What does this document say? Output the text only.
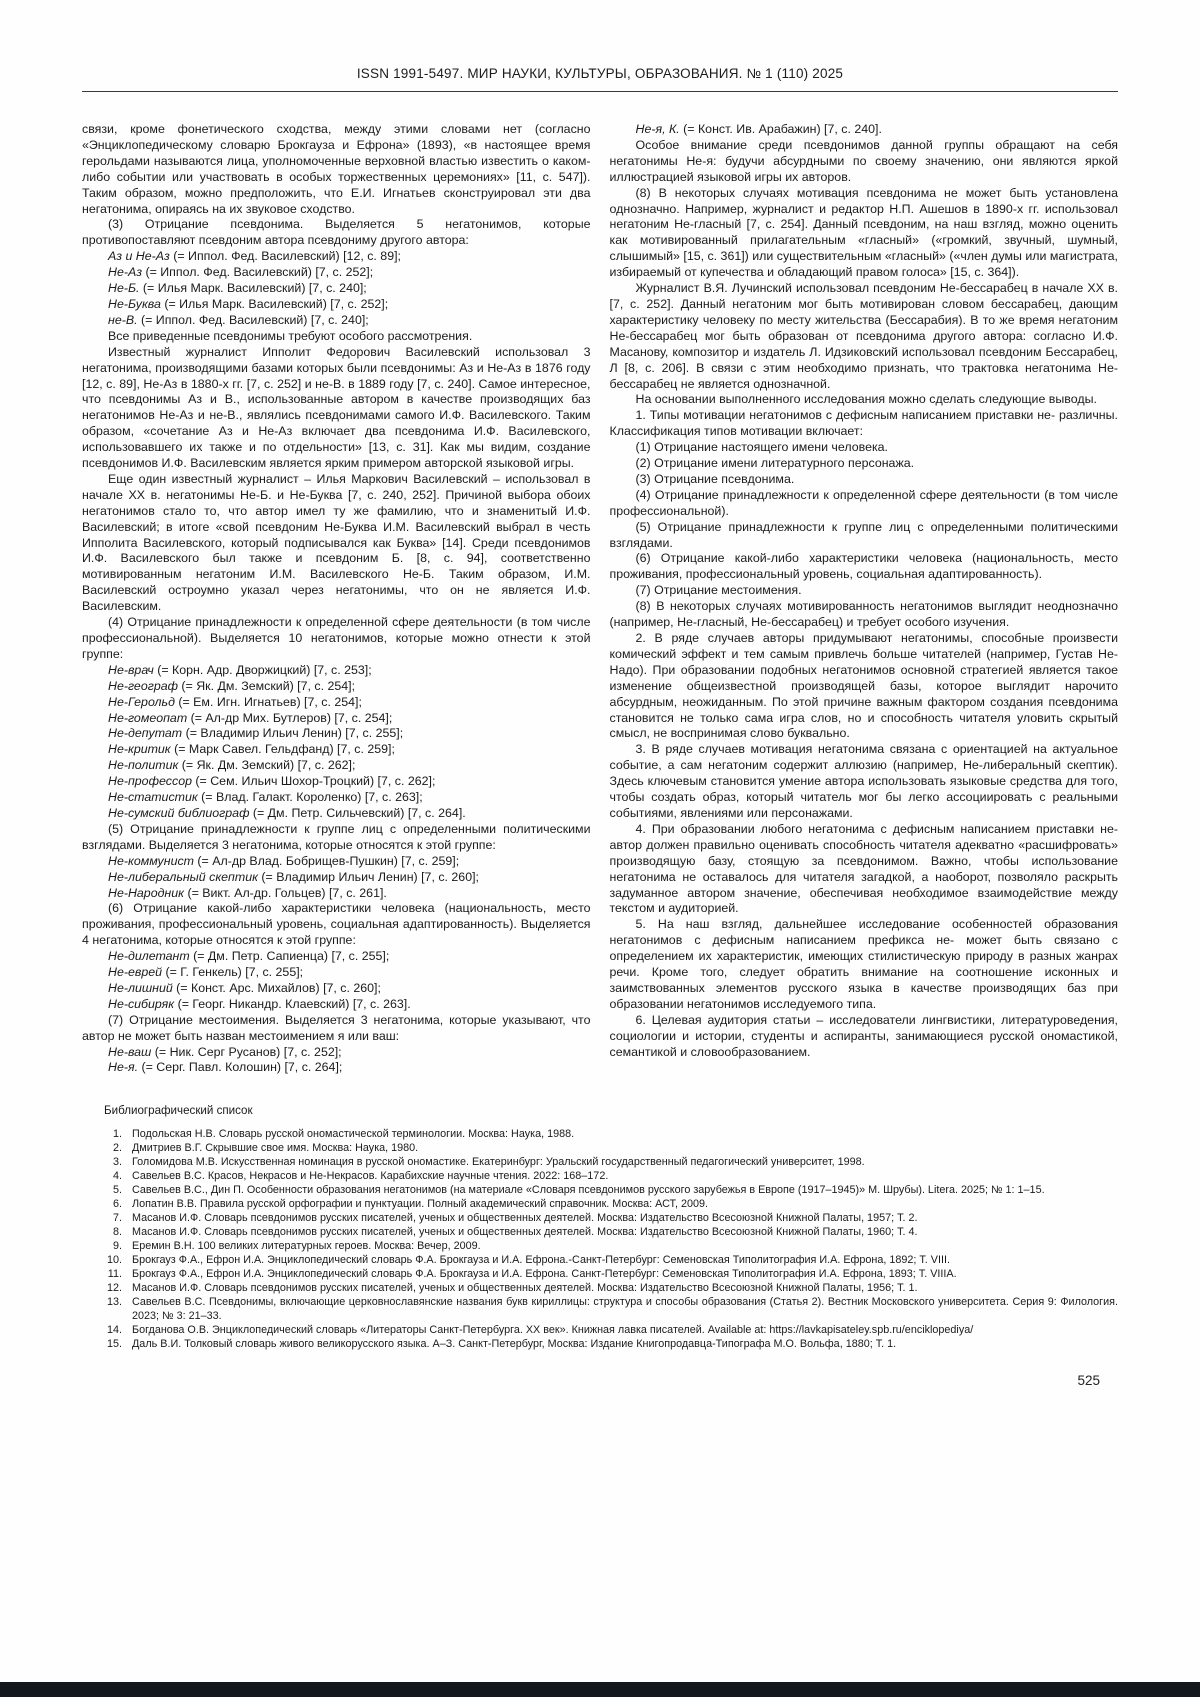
ISSN 1991-5497. МИР НАУКИ, КУЛЬТУРЫ, ОБРАЗОВАНИЯ. № 1 (110) 2025
связи, кроме фонетического сходства, между этими словами нет (согласно «Энциклопедическому словарю Брокгауза и Ефрона» (1893), «в настоящее время герольдами называются лица, уполномоченные верховной властью известить о каком-либо событии или участвовать в особых торжественных церемониях» [11, с. 547]). Таким образом, можно предположить, что Е.И. Игнатьев сконструировал эти два негатонима, опираясь на их звуковое сходство.
(3) Отрицание псевдонима. Выделяется 5 негатонимов, которые противопоставляют псевдоним автора псевдониму другого автора:
Аз и Не-Аз (= Иппол. Фед. Василевский) [12, с. 89];
Не-Аз (= Иппол. Фед. Василевский) [7, с. 252];
Не-Б. (= Илья Марк. Василевский) [7, с. 240];
Не-Буква (= Илья Марк. Василевский) [7, с. 252];
не-В. (= Иппол. Фед. Василевский) [7, с. 240];
Все приведенные псевдонимы требуют особого рассмотрения.
Известный журналист Ипполит Федорович Василевский использовал 3 негатонима, производящими базами которых были псевдонимы: Аз и Не-Аз в 1876 году [12, с. 89], Не-Аз в 1880-х гг. [7, с. 252] и не-В. в 1889 году [7, с. 240]. Самое интересное, что псевдонимы Аз и В., использованные автором в качестве производящих баз негатонимов Не-Аз и не-В., являлись псевдонимами самого И.Ф. Василевского. Таким образом, «сочетание Аз и Не-Аз включает два псевдонима И.Ф. Василевского, использовавшего их также и по отдельности» [13, с. 31]. Как мы видим, создание псевдонимов И.Ф. Василевским является ярким примером авторской языковой игры.
Еще один известный журналист – Илья Маркович Василевский – использовал в начале XX в. негатонимы Не-Б. и Не-Буква [7, с. 240, 252]. Причиной выбора обоих негатонимов стало то, что автор имел ту же фамилию, что и знаменитый И.Ф. Василевский; в итоге «свой псевдоним Не-Буква И.М. Василевский выбрал в честь Ипполита Василевского, который подписывался как Буква» [14]. Среди псевдонимов И.Ф. Василевского был также и псевдоним Б. [8, с. 94], соответственно мотивированным негатоним И.М. Василевского Не-Б. Таким образом, И.М. Василевский остроумно указал через негатонимы, что он не является И.Ф. Василевским.
(4) Отрицание принадлежности к определенной сфере деятельности (в том числе профессиональной). Выделяется 10 негатонимов, которые можно отнести к этой группе:
Не-врач (= Корн. Адр. Дворжицкий) [7, с. 253];
Не-географ (= Як. Дм. Земский) [7, с. 254];
Не-Герольд (= Ем. Игн. Игнатьев) [7, с. 254];
Не-гомеопат (= Ал-др Мих. Бутлеров) [7, с. 254];
Не-депутат (= Владимир Ильич Ленин) [7, с. 255];
Не-критик (= Марк Савел. Гельдфанд) [7, с. 259];
Не-политик (= Як. Дм. Земский) [7, с. 262];
Не-профессор (= Сем. Ильич Шохор-Троцкий) [7, с. 262];
Не-статистик (= Влад. Галакт. Короленко) [7, с. 263];
Не-сумский библиограф (= Дм. Петр. Сильчевский) [7, с. 264].
(5) Отрицание принадлежности к группе лиц с определенными политическими взглядами. Выделяется 3 негатонима, которые относятся к этой группе:
Не-коммунист (= Ал-др Влад. Бобрищев-Пушкин) [7, с. 259];
Не-либеральный скептик (= Владимир Ильич Ленин) [7, с. 260];
Не-Народник (= Викт. Ал-др. Гольцев) [7, с. 261].
(6) Отрицание какой-либо характеристики человека (национальность, место проживания, профессиональный уровень, социальная адаптированность). Выделяется 4 негатонима, которые относятся к этой группе:
Не-дилетант (= Дм. Петр. Сапиенца) [7, с. 255];
Не-еврей (= Г. Генкель) [7, с. 255];
Не-лишний (= Конст. Арс. Михайлов) [7, с. 260];
Не-сибиряк (= Георг. Никандр. Клаевский) [7, с. 263].
(7) Отрицание местоимения. Выделяется 3 негатонима, которые указывают, что автор не может быть назван местоимением я или ваш:
Не-ваш (= Ник. Серг Русанов) [7, с. 252];
Не-я. (= Серг. Павл. Колошин) [7, с. 264];
Не-я, К. (= Конст. Ив. Арабажин) [7, с. 240].
Особое внимание среди псевдонимов данной группы обращают на себя негатонимы Не-я: будучи абсурдными по своему значению, они являются яркой иллюстрацией языковой игры их авторов.
(8) В некоторых случаях мотивация псевдонима не может быть установлена однозначно. Например, журналист и редактор Н.П. Ашешов в 1890-х гг. использовал негатоним Не-гласный [7, с. 254]. Данный псевдоним, на наш взгляд, можно оценить как мотивированный прилагательным «гласный» («громкий, звучный, шумный, слышимый» [15, с. 361]) или существительным «гласный» («член думы или магистрата, избираемый от купечества и обладающий правом голоса» [15, с. 364]).
Журналист В.Я. Лучинский использовал псевдоним Не-бессарабец в начале XX в. [7, с. 252]. Данный негатоним мог быть мотивирован словом бессарабец, дающим характеристику человеку по месту жительства (Бессарабия). В то же время негатоним Не-бессарабец мог быть образован от псевдонима другого автора: согласно И.Ф. Масанову, композитор и издатель Л. Идзиковский использовал псевдоним Бессарабец, Л [8, с. 206]. В связи с этим необходимо признать, что трактовка негатонима Не-бессарабец не является однозначной.
На основании выполненного исследования можно сделать следующие выводы.
1. Типы мотивации негатонимов с дефисным написанием приставки не- различны. Классификация типов мотивации включает:
(1) Отрицание настоящего имени человека.
(2) Отрицание имени литературного персонажа.
(3) Отрицание псевдонима.
(4) Отрицание принадлежности к определенной сфере деятельности (в том числе профессиональной).
(5) Отрицание принадлежности к группе лиц с определенными политическими взглядами.
(6) Отрицание какой-либо характеристики человека (национальность, место проживания, профессиональный уровень, социальная адаптированность).
(7) Отрицание местоимения.
(8) В некоторых случаях мотивированность негатонимов выглядит неоднозначно (например, Не-гласный, Не-бессарабец) и требует особого изучения.
2. В ряде случаев авторы придумывают негатонимы, способные произвести комический эффект и тем самым привлечь больше читателей (например, Густав Не-Надо). При образовании подобных негатонимов основной стратегией является такое изменение общеизвестной производящей базы, которое выглядит нарочито абсурдным, неожиданным. По этой причине важным фактором создания псевдонима становится не только сама игра слов, но и способность читателя уловить скрытый смысл, не воспринимая слово буквально.
3. В ряде случаев мотивация негатонима связана с ориентацией на актуальное событие, а сам негатоним содержит аллюзию (например, Не-либеральный скептик). Здесь ключевым становится умение автора использовать языковые средства для того, чтобы создать образ, который читатель мог бы легко ассоциировать с реальными событиями, явлениями или персонажами.
4. При образовании любого негатонима с дефисным написанием приставки не- автор должен правильно оценивать способность читателя адекватно «расшифровать» производящую базу, стоящую за псевдонимом. Важно, чтобы использование негатонима не оставалось для читателя загадкой, а наоборот, позволяло раскрыть задуманное автором значение, обеспечивая необходимое взаимодействие между текстом и аудиторией.
5. На наш взгляд, дальнейшее исследование особенностей образования негатонимов с дефисным написанием префикса не- может быть связано с определением их характеристик, имеющих стилистическую природу в разных жанрах речи. Кроме того, следует обратить внимание на соотношение исконных и заимствованных элементов русского языка в качестве производящих баз при образовании негатонимов исследуемого типа.
6. Целевая аудитория статьи – исследователи лингвистики, литературоведения, социологии и истории, студенты и аспиранты, занимающиеся русской ономастикой, семантикой и словообразованием.
Библиографический список
Подольская Н.В. Словарь русской ономастической терминологии. Москва: Наука, 1988.
Дмитриев В.Г. Скрывшие свое имя. Москва: Наука, 1980.
Голомидова М.В. Искусственная номинация в русской ономастике. Екатеринбург: Уральский государственный педагогический университет, 1998.
Савельев В.С. Красов, Некрасов и Не-Некрасов. Карабихские научные чтения. 2022: 168–172.
Савельев В.С., Дин П. Особенности образования негатонимов (на материале «Словаря псевдонимов русского зарубежья в Европе (1917–1945)» М. Шрубы). Litera. 2025; № 1: 1–15.
Лопатин В.В. Правила русской орфографии и пунктуации. Полный академический справочник. Москва: АСТ, 2009.
Масанов И.Ф. Словарь псевдонимов русских писателей, ученых и общественных деятелей. Москва: Издательство Всесоюзной Книжной Палаты, 1957; Т. 2.
Масанов И.Ф. Словарь псевдонимов русских писателей, ученых и общественных деятелей. Москва: Издательство Всесоюзной Книжной Палаты, 1960; Т. 4.
Еремин В.Н. 100 великих литературных героев. Москва: Вечер, 2009.
Брокгауз Ф.А., Ефрон И.А. Энциклопедический словарь Ф.А. Брокгауза и И.А. Ефрона.-Санкт-Петербург: Семеновская Типолитография И.А. Ефрона, 1892; Т. VIII.
Брокгауз Ф.А., Ефрон И.А. Энциклопедический словарь Ф.А. Брокгауза и И.А. Ефрона. Санкт-Петербург: Семеновская Типолитография И.А. Ефрона, 1893; Т. VIIIA.
Масанов И.Ф. Словарь псевдонимов русских писателей, ученых и общественных деятелей. Москва: Издательство Всесоюзной Книжной Палаты, 1956; Т. 1.
Савельев В.С. Псевдонимы, включающие церковнославянские названия букв кириллицы: структура и способы образования (Статья 2). Вестник Московского университета. Серия 9: Филология. 2023; № 3: 21–33.
Богданова О.В. Энциклопедический словарь «Литераторы Санкт-Петербурга. XX век». Книжная лавка писателей. Available at: https://lavkapisateley.spb.ru/enciklopediya/
Даль В.И. Толковый словарь живого великорусского языка. А–З. Санкт-Петербург, Москва: Издание Книгопродавца-Типографа М.О. Вольфа, 1880; Т. 1.
525
